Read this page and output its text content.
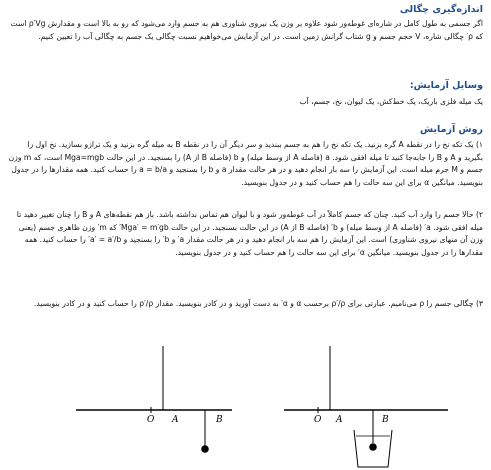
اندازه‌گیری چگالی
اگر جسمی به طول کامل در شاره‌ای غوطه‌ور شود علاوه بر وزن یک نیروی شناوری هم به جسم وارد می‌شود که رو به بالا است و مقدارش ρ′Vg است که ρ′ چگالی شاره، V حجم جسم و g شتاب گرانش زمین است. در این آزمایش می‌خواهیم نسبت چگالی یک جسم به چگالی آب را تعیین کنیم.
وسایل آزمایش:
یک میله فلزی باریک، یک خط‌کش، یک لیوان، نخ، جسم، آب
روش آزمایش
۱) یک تکه نخ را در نقطه A گره بزنید. یک تکه نخ را هم به جسم ببندید و سر دیگر آن را در نقطه B به میله گره بزنید و یک ترازو بسازید. نخ اول را بگیرید و A و B را جابه‌جا کنید تا میله افقی شود. a (فاصله A از وسط میله) و b (فاصله B از A) را بسنجید. در این حالت Mga=mgb است، که m وزن جسم و M جرم میله است. این آزمایش را سه بار انجام دهید و در هر حالت مقدار a و b را بسنجید و a = b/a را حساب کنید. همه مقدارها را در جدول بنویسید. میانگین α برای این سه حالت را هم حساب کنید و در جدول بنویسید.
۲) حالا جسم را وارد آب کنید. چنان که جسم کاملاً در آب غوطه‌ور شود و با لیوان هم تماس نداشته باشد. باز هم نقطه‌های A و B را چنان تغییر دهید تا میله افقی شود. a′ (فاصله A از وسط میله) و b′ (فاصله B از A) در این حالت بسنجید. در این حالت Mga′ = m′gb′ که m′ وزن ظاهری جسم (یعنی وزن آن منهای نیروی شناوری) است. این آزمایش را هم سه بار انجام دهید و در هر حالت مقدار a′ و b′ را بسنجید و a′ = a′/b′ را حساب کنید. همه مقدارها را در جدول بنویسید. میانگین α′ برای این سه حالت را هم حساب کنید و در جدول بنویسید.
۳) چگالی جسم را ρ می‌نامیم. عبارتی برای ρ′/ρ برحسب α و α′ به دست آورید و در کادر بنویسید. مقدار ρ′/ρ را حساب کنید و در کادر بنویسید.
O A	B	O A	B
